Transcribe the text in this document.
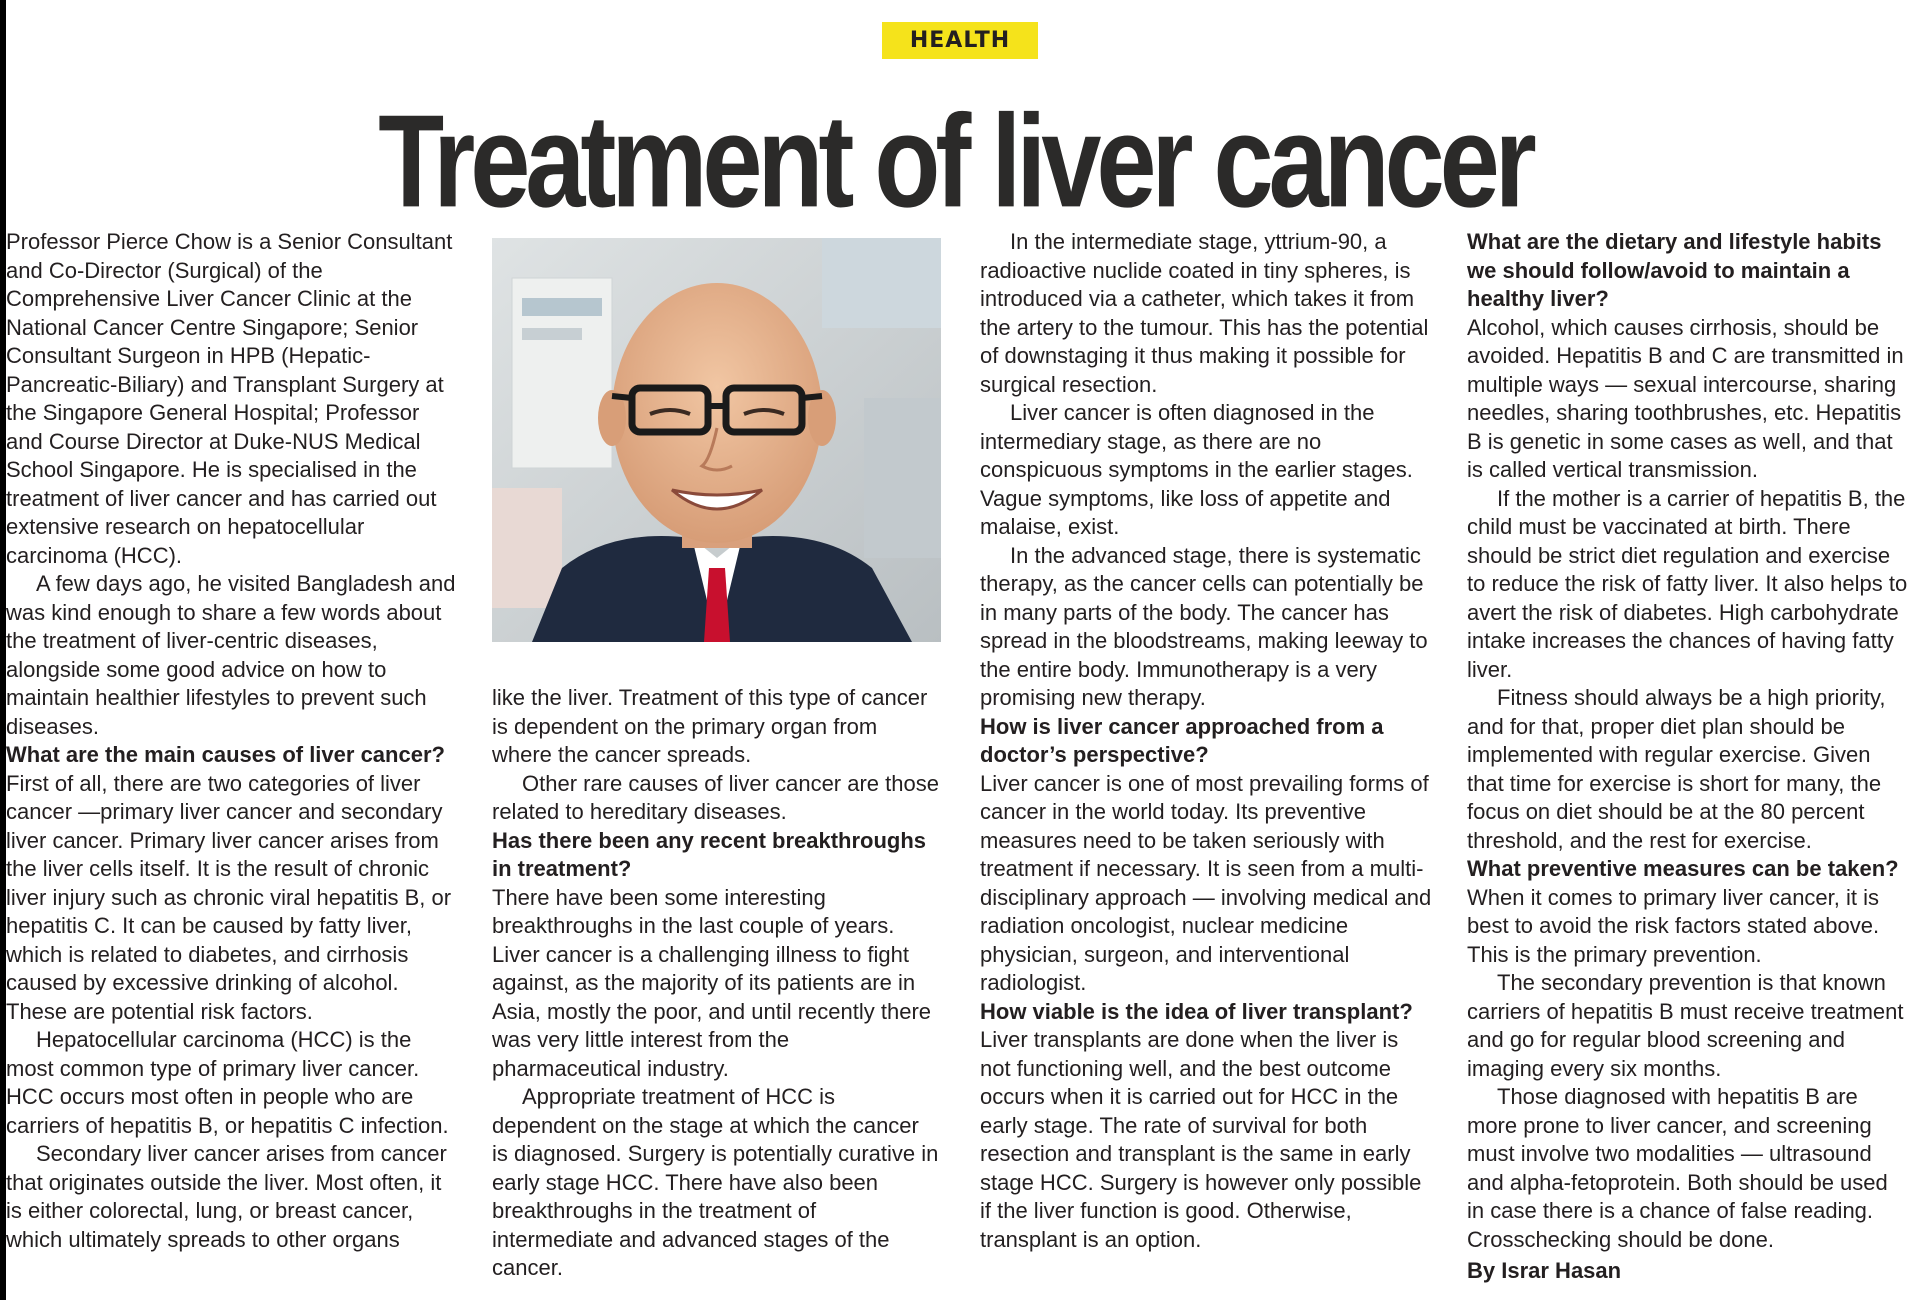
HEALTH
Treatment of liver cancer

Professor Pierce Chow is a Senior Consultant and Co-Director (Surgical) of the Comprehensive Liver Cancer Clinic at the National Cancer Centre Singapore; Senior Consultant Surgeon in HPB (Hepatic-Pancreatic-Biliary) and Transplant Surgery at the Singapore General Hospital; Professor and Course Director at Duke-NUS Medical School Singapore. He is specialised in the treatment of liver cancer and has carried out extensive research on hepatocellular carcinoma (HCC).

A few days ago, he visited Bangladesh and was kind enough to share a few words about the treatment of liver-centric diseases, alongside some good advice on how to maintain healthier lifestyles to prevent such diseases.

What are the main causes of liver cancer?

First of all, there are two categories of liver cancer —primary liver cancer and secondary liver cancer. Primary liver cancer arises from the liver cells itself. It is the result of chronic liver injury such as chronic viral hepatitis B, or hepatitis C. It can be caused by fatty liver, which is related to diabetes, and cirrhosis caused by excessive drinking of alcohol. These are potential risk factors.

Hepatocellular carcinoma (HCC) is the most common type of primary liver cancer. HCC occurs most often in people who are carriers of hepatitis B, or hepatitis C infection.

Secondary liver cancer arises from cancer that originates outside the liver. Most often, it is either colorectal, lung, or breast cancer, which ultimately spreads to other organs

like the liver. Treatment of this type of cancer is dependent on the primary organ from where the cancer spreads.

Other rare causes of liver cancer are those related to hereditary diseases.

Has there been any recent breakthroughs in treatment?

There have been some interesting breakthroughs in the last couple of years. Liver cancer is a challenging illness to fight against, as the majority of its patients are in Asia, mostly the poor, and until recently there was very little interest from the pharmaceutical industry.

Appropriate treatment of HCC is dependent on the stage at which the cancer is diagnosed. Surgery is potentially curative in early stage HCC. There have also been breakthroughs in the treatment of intermediate and advanced stages of the cancer.

In the intermediate stage, yttrium-90, a radioactive nuclide coated in tiny spheres, is introduced via a catheter, which takes it from the artery to the tumour. This has the potential of downstaging it thus making it possible for surgical resection.

Liver cancer is often diagnosed in the intermediary stage, as there are no conspicuous symptoms in the earlier stages. Vague symptoms, like loss of appetite and malaise, exist.

In the advanced stage, there is systematic therapy, as the cancer cells can potentially be in many parts of the body. The cancer has spread in the bloodstreams, making leeway to the entire body. Immunotherapy is a very promising new therapy.

How is liver cancer approached from a doctor’s perspective?

Liver cancer is one of most prevailing forms of cancer in the world today. Its preventive measures need to be taken seriously with treatment if necessary. It is seen from a multi-disciplinary approach — involving medical and radiation oncologist, nuclear medicine physician, surgeon, and interventional radiologist.

How viable is the idea of liver transplant?

Liver transplants are done when the liver is not functioning well, and the best outcome occurs when it is carried out for HCC in the early stage. The rate of survival for both resection and transplant is the same in early stage HCC. Surgery is however only possible if the liver function is good. Otherwise, transplant is an option.

What are the dietary and lifestyle habits we should follow/avoid to maintain a healthy liver?

Alcohol, which causes cirrhosis, should be avoided. Hepatitis B and C are transmitted in multiple ways — sexual intercourse, sharing needles, sharing toothbrushes, etc. Hepatitis B is genetic in some cases as well, and that is called vertical transmission.

If the mother is a carrier of hepatitis B, the child must be vaccinated at birth. There should be strict diet regulation and exercise to reduce the risk of fatty liver. It also helps to avert the risk of diabetes. High carbohydrate intake increases the chances of having fatty liver.

Fitness should always be a high priority, and for that, proper diet plan should be implemented with regular exercise. Given that time for exercise is short for many, the focus on diet should be at the 80 percent threshold, and the rest for exercise.

What preventive measures can be taken?

When it comes to primary liver cancer, it is best to avoid the risk factors stated above. This is the primary prevention.

The secondary prevention is that known carriers of hepatitis B must receive treatment and go for regular blood screening and imaging every six months.

Those diagnosed with hepatitis B are more prone to liver cancer, and screening must involve two modalities — ultrasound and alpha-fetoprotein. Both should be used in case there is a chance of false reading. Crosschecking should be done.

By Israr Hasan
